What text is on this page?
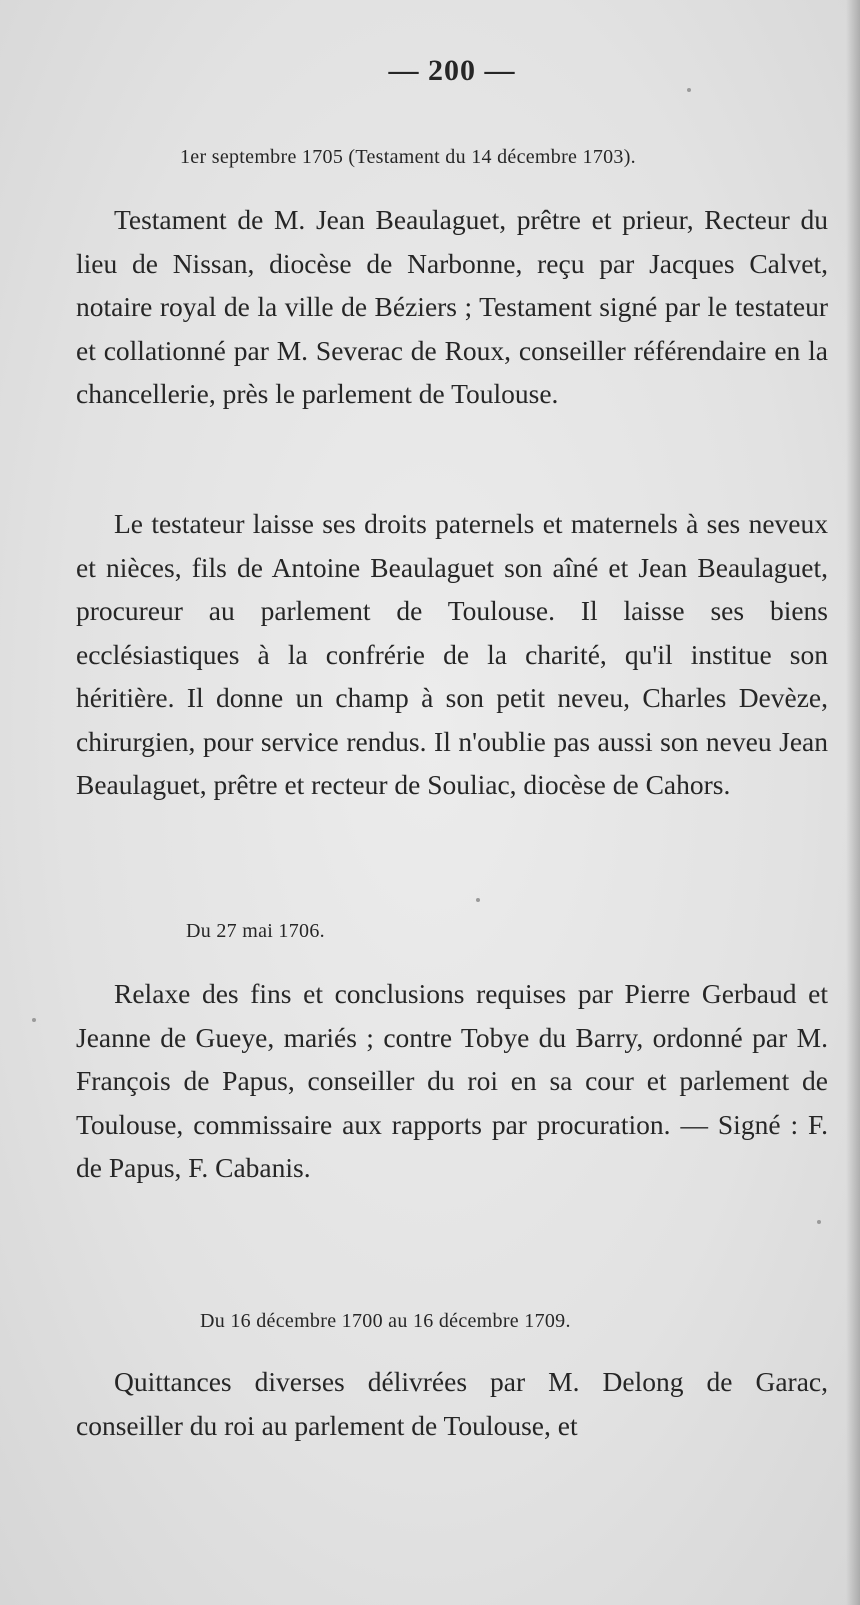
— 200 —
1er septembre 1705 (Testament du 14 décembre 1703).

Testament de M. Jean Beaulaguet, prêtre et prieur, Recteur du lieu de Nissan, diocèse de Narbonne, reçu par Jacques Calvet, notaire royal de la ville de Béziers ; Testament signé par le testateur et collationné par M. Severac de Roux, conseiller référendaire en la chancellerie, près le parlement de Toulouse.

Le testateur laisse ses droits paternels et maternels à ses neveux et nièces, fils de Antoine Beaulaguet son aîné et Jean Beaulaguet, procureur au parlement de Toulouse. Il laisse ses biens ecclésiastiques à la confrérie de la charité, qu'il institue son héritière. Il donne un champ à son petit neveu, Charles Devèze, chirurgien, pour service rendus. Il n'oublie pas aussi son neveu Jean Beaulaguet, prêtre et recteur de Souliac, diocèse de Cahors.

Du 27 mai 1706.

Relaxe des fins et conclusions requises par Pierre Gerbaud et Jeanne de Gueye, mariés ; contre Tobye du Barry, ordonné par M. François de Papus, conseiller du roi en sa cour et parlement de Toulouse, commissaire aux rapports par procuration. — Signé : F. de Papus, F. Cabanis.

Du 16 décembre 1700 au 16 décembre 1709.

Quittances diverses délivrées par M. Delong de Garac, conseiller du roi au parlement de Toulouse, et
